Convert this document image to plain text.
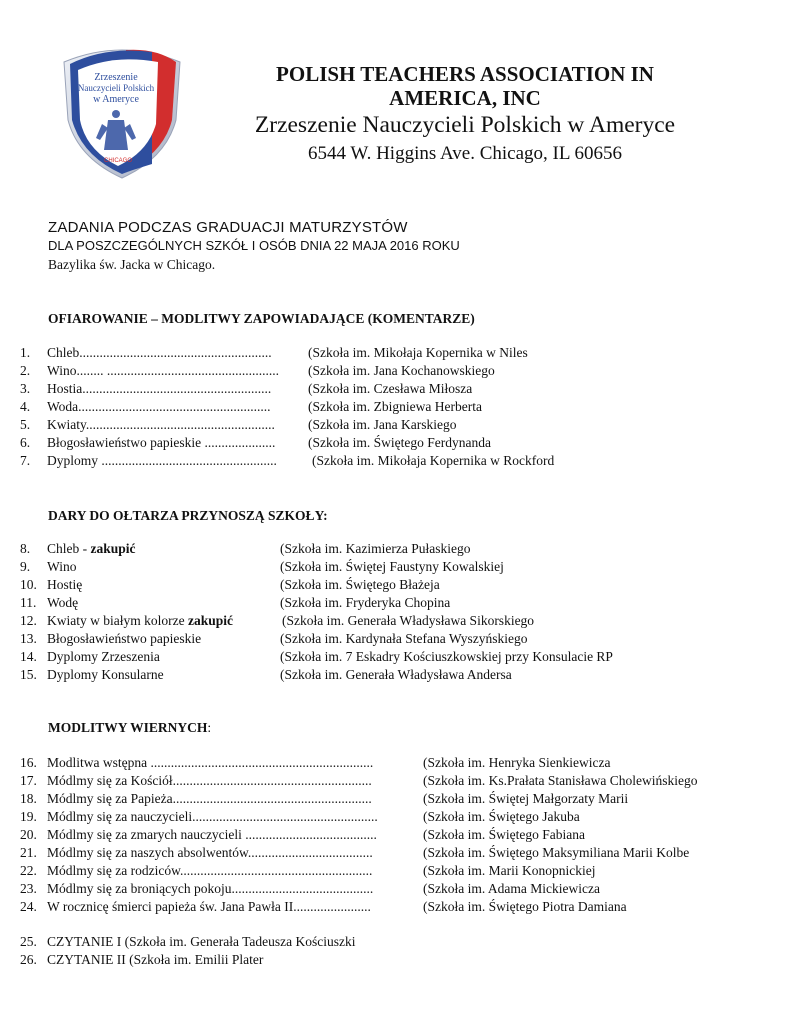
Zrzeszenie
Nauczycieli Polskich
w Ameryce
CHICAGO
POLISH TEACHERS ASSOCIATION IN
AMERICA, INC
Zrzeszenie Nauczycieli Polskich w Ameryce
6544 W. Higgins Ave. Chicago, IL 60656
ZADANIA PODCZAS GRADUACJI MATURZYSTÓW
DLA POSZCZEGÓLNYCH SZKÓŁ I OSÓB DNIA 22 MAJA 2016 ROKU
Bazylika św. Jacka w Chicago.
OFIAROWANIE – MODLITWY ZAPOWIADAJĄCE (KOMENTARZE)
1. Chleb.........................................................	(Szkoła im. Mikołaja Kopernika w Niles
2. Wino........ ................................................... (Szkoła im. Jana Kochanowskiego
3. Hostia........................................................	(Szkoła im. Czesława Miłosza
4. Woda.........................................................	(Szkoła im. Zbigniewa Herberta
5. Kwiaty........................................................ (Szkoła im. Jana Karskiego
6. Błogosławieństwo papieskie ..................... (Szkoła im. Świętego Ferdynanda
7. Dyplomy ....................................................	(Szkoła im. Mikołaja Kopernika w Rockford
DARY DO OŁTARZA PRZYNOSZĄ SZKOŁY:
8. Chleb - zakupić	(Szkoła im. Kazimierza Pułaskiego
9. Wino	(Szkoła im. Świętej Faustyny Kowalskiej
10. Hostię	(Szkoła im. Świętego Błażeja
11. Wodę	(Szkoła im. Fryderyka Chopina
12. Kwiaty w białym kolorze zakupić	(Szkoła im. Generała Władysława Sikorskiego
13. Błogosławieństwo papieskie	(Szkoła im. Kardynała Stefana Wyszyńskiego
14. Dyplomy Zrzeszenia	(Szkoła im. 7 Eskadry Kościuszkowskiej przy Konsulacie RP
15. Dyplomy Konsularne	(Szkoła im. Generała Władysława Andersa
MODLITWY WIERNYCH:
16. Modlitwa wstępna ..................................................................	(Szkoła im. Henryka Sienkiewicza
17. Módlmy się za Kościół...........................................................	(Szkoła im. Ks.Prałata Stanisława Cholewińskiego
18. Módlmy się za Papieża...........................................................	(Szkoła im. Świętej Małgorzaty Marii
19. Módlmy się za nauczycieli.......................................................	(Szkoła im. Świętego Jakuba
20. Módlmy się za zmarych nauczycieli .......................................	(Szkoła im. Świętego Fabiana
21. Módlmy się za naszych absolwentów.....................................	(Szkoła im. Świętego Maksymiliana Marii Kolbe
22. Módlmy się za rodziców.........................................................	(Szkoła im. Marii Konopnickiej
23. Módlmy się za broniących pokoju..........................................	(Szkoła im. Adama Mickiewicza
24. W rocznicę śmierci papieża św. Jana Pawła II.......................	(Szkoła im. Świętego Piotra Damiana
25. CZYTANIE I (Szkoła im. Generała Tadeusza Kościuszki
26. CZYTANIE II (Szkoła im. Emilii Plater
